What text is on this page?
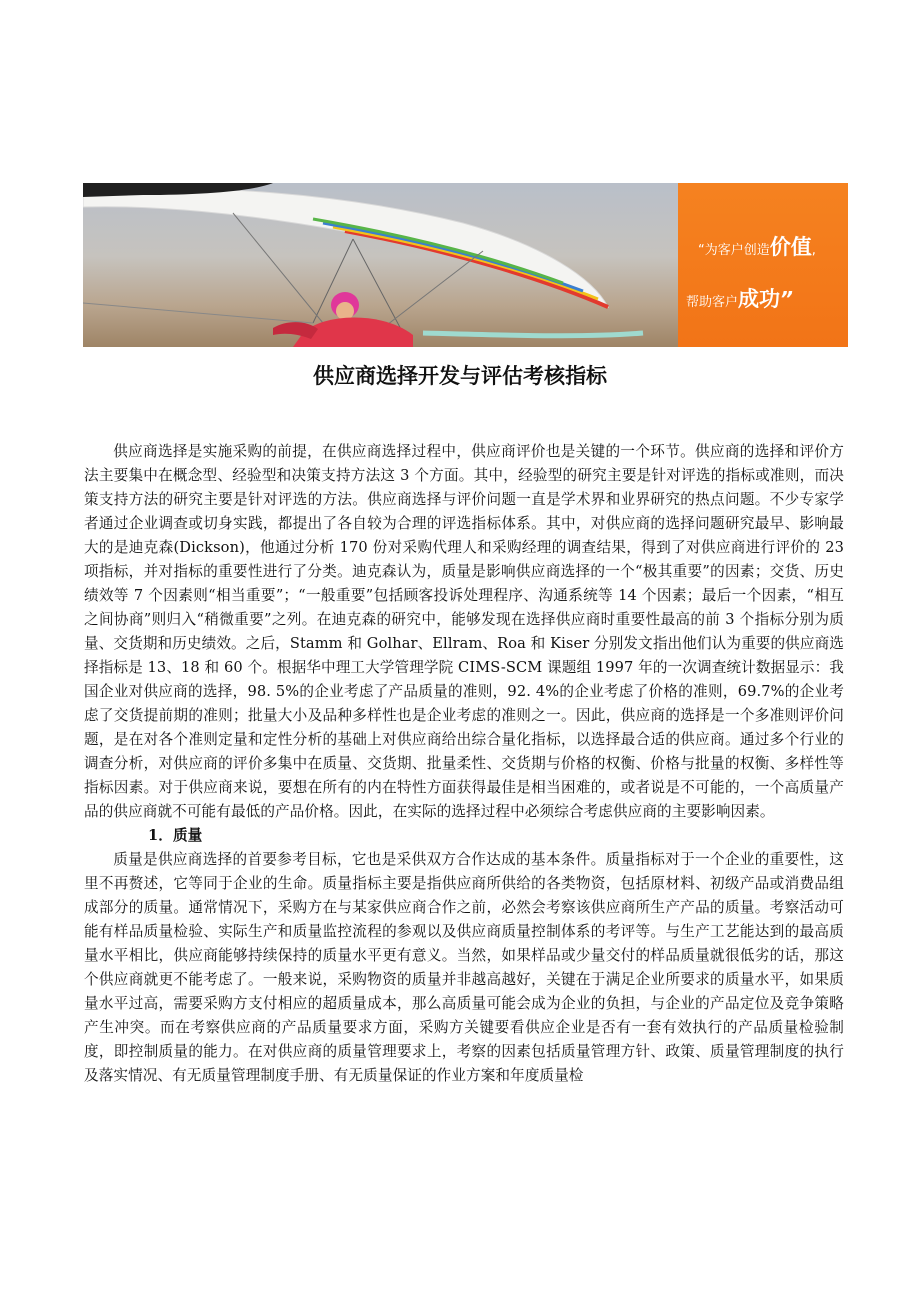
“为客户创造价值,
帮助客户成功”
供应商选择开发与评估考核指标

供应商选择是实施采购的前提，在供应商选择过程中，供应商评价也是关键的一个环节。供应商的选择和评价方法主要集中在概念型、经验型和决策支持方法这 3 个方面。其中，经验型的研究主要是针对评选的指标或准则，而决策支持方法的研究主要是针对评选的方法。供应商选择与评价问题一直是学术界和业界研究的热点问题。不少专家学者通过企业调查或切身实践，都提出了各自较为合理的评选指标体系。其中，对供应商的选择问题研究最早、影响最大的是迪克森(Dickson)，他通过分析 170 份对采购代理人和采购经理的调查结果，得到了对供应商进行评价的 23 项指标，并对指标的重要性进行了分类。迪克森认为，质量是影响供应商选择的一个“极其重要”的因素；交货、历史绩效等 7 个因素则“相当重要”；“一般重要”包括顾客投诉处理程序、沟通系统等 14 个因素；最后一个因素，“相互之间协商”则归入“稍微重要”之列。在迪克森的研究中，能够发现在选择供应商时重要性最高的前 3 个指标分别为质量、交货期和历史绩效。之后，Stamm 和 Golhar、Ellram、Roa 和 Kiser 分别发文指出他们认为重要的供应商选择指标是 13、18 和 60 个。根据华中理工大学管理学院 CIMS-SCM 课题组 1997 年的一次调查统计数据显示：我国企业对供应商的选择，98. 5%的企业考虑了产品质量的准则，92. 4%的企业考虑了价格的准则，69.7%的企业考虑了交货提前期的准则；批量大小及品种多样性也是企业考虑的准则之一。因此，供应商的选择是一个多准则评价问题，是在对各个准则定量和定性分析的基础上对供应商给出综合量化指标，以选择最合适的供应商。通过多个行业的调查分析，对供应商的评价多集中在质量、交货期、批量柔性、交货期与价格的权衡、价格与批量的权衡、多样性等指标因素。对于供应商来说，要想在所有的内在特性方面获得最佳是相当困难的，或者说是不可能的，一个高质量产品的供应商就不可能有最低的产品价格。因此，在实际的选择过程中必须综合考虑供应商的主要影响因素。

1．质量

质量是供应商选择的首要参考目标，它也是采供双方合作达成的基本条件。质量指标对于一个企业的重要性，这里不再赘述，它等同于企业的生命。质量指标主要是指供应商所供给的各类物资，包括原材料、初级产品或消费品组成部分的质量。通常情况下，采购方在与某家供应商合作之前，必然会考察该供应商所生产产品的质量。考察活动可能有样品质量检验、实际生产和质量监控流程的参观以及供应商质量控制体系的考评等。与生产工艺能达到的最高质量水平相比，供应商能够持续保持的质量水平更有意义。当然，如果样品或少量交付的样品质量就很低劣的话，那这个供应商就更不能考虑了。一般来说，采购物资的质量并非越高越好，关键在于满足企业所要求的质量水平，如果质量水平过高，需要采购方支付相应的超质量成本，那么高质量可能会成为企业的负担，与企业的产品定位及竞争策略产生冲突。而在考察供应商的产品质量要求方面，采购方关键要看供应企业是否有一套有效执行的产品质量检验制度，即控制质量的能力。在对供应商的质量管理要求上，考察的因素包括质量管理方针、政策、质量管理制度的执行及落实情况、有无质量管理制度手册、有无质量保证的作业方案和年度质量检
